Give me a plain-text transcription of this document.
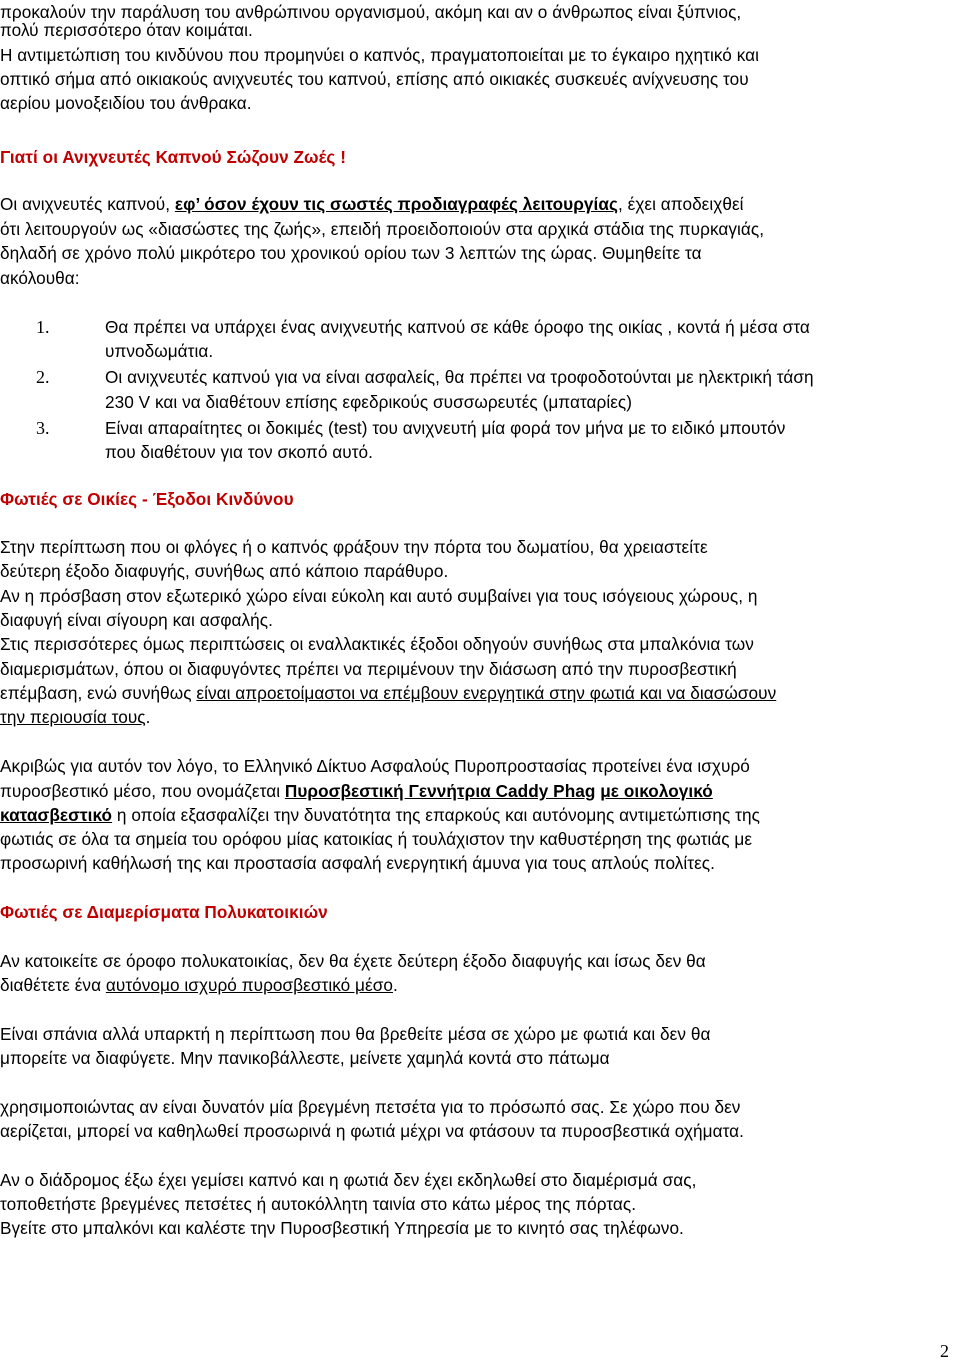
προκαλούν την παράλυση του ανθρώπινου οργανισμού, ακόμη και αν ο άνθρωπος είναι ξύπνιος,
πολύ περισσότερο όταν κοιμάται.
Η αντιμετώπιση του κινδύνου που προμηνύει ο καπνός, πραγματοποιείται με το έγκαιρο ηχητικό και
οπτικό σήμα από οικιακούς ανιχνευτές του καπνού, επίσης από οικιακές συσκευές ανίχνευσης του
αερίου μονοξειδίου του άνθρακα.
Γιατί οι Ανιχνευτές Καπνού Σώζουν Ζωές !
Οι ανιχνευτές καπνού, εφ’ όσον έχουν τις σωστές προδιαγραφές λειτουργίας, έχει αποδειχθεί
ότι λειτουργούν ως «διασώστες της ζωής», επειδή προειδοποιούν στα αρχικά στάδια της πυρκαγιάς,
δηλαδή σε χρόνο πολύ μικρότερο του χρονικού ορίου των 3 λεπτών της ώρας. Θυμηθείτε τα
ακόλουθα:
1.	Θα πρέπει να υπάρχει ένας ανιχνευτής καπνού σε κάθε όροφο της οικίας , κοντά ή μέσα στα
υπνοδωμάτια.
2.	Οι ανιχνευτές καπνού για να είναι ασφαλείς, θα πρέπει να τροφοδοτούνται με ηλεκτρική τάση
230 V και να διαθέτουν επίσης εφεδρικούς συσσωρευτές (μπαταρίες)
3.	Είναι απαραίτητες οι δοκιμές (test) του ανιχνευτή μία φορά τον μήνα με το ειδικό μπουτόν
που διαθέτουν για τον σκοπό αυτό.
Φωτιές σε Οικίες - Έξοδοι Κινδύνου
Στην περίπτωση που οι φλόγες ή ο καπνός φράξουν την πόρτα του δωματίου, θα χρειαστείτε
δεύτερη έξοδο διαφυγής, συνήθως από κάποιο παράθυρο.
Αν η πρόσβαση στον εξωτερικό χώρο είναι εύκολη και αυτό συμβαίνει για τους ισόγειους χώρους, η
διαφυγή είναι σίγουρη και ασφαλής.
Στις περισσότερες όμως περιπτώσεις οι εναλλακτικές έξοδοι οδηγούν συνήθως στα μπαλκόνια των
διαμερισμάτων, όπου οι διαφυγόντες πρέπει να περιμένουν την διάσωση από την πυροσβεστική
επέμβαση, ενώ συνήθως είναι απροετοίμαστοι να επέμβουν ενεργητικά στην φωτιά και να διασώσουν
την περιουσία τους.
Ακριβώς για αυτόν τον λόγο, το Ελληνικό Δίκτυο Ασφαλούς Πυροπροστασίας προτείνει ένα ισχυρό
πυροσβεστικό μέσο, που ονομάζεται Πυροσβεστική Γεννήτρια Caddy Phag με οικολογικό
κατασβεστικό η οποία εξασφαλίζει την δυνατότητα της επαρκούς και αυτόνομης αντιμετώπισης της
φωτιάς σε όλα τα σημεία του ορόφου μίας κατοικίας ή τουλάχιστον την καθυστέρηση της φωτιάς με
προσωρινή καθήλωσή της και προστασία ασφαλή ενεργητική άμυνα για τους απλούς πολίτες.
Φωτιές σε Διαμερίσματα Πολυκατοικιών
Αν κατοικείτε σε όροφο πολυκατοικίας, δεν θα έχετε δεύτερη έξοδο διαφυγής και ίσως δεν θα
διαθέτετε ένα αυτόνομο ισχυρό πυροσβεστικό μέσο.
Είναι σπάνια αλλά υπαρκτή η περίπτωση που θα βρεθείτε μέσα σε χώρο με φωτιά και δεν θα
μπορείτε να διαφύγετε. Μην πανικοβάλλεστε, μείνετε χαμηλά κοντά στο πάτωμα
χρησιμοποιώντας αν είναι δυνατόν μία βρεγμένη πετσέτα για το πρόσωπό σας. Σε χώρο που δεν
αερίζεται, μπορεί να καθηλωθεί προσωρινά η φωτιά μέχρι να φτάσουν τα πυροσβεστικά οχήματα.
Αν ο διάδρομος έξω έχει γεμίσει καπνό και η φωτιά δεν έχει εκδηλωθεί στο διαμέρισμά σας,
τοποθετήστε βρεγμένες πετσέτες ή αυτοκόλλητη ταινία στο κάτω μέρος της πόρτας.
Βγείτε στο μπαλκόνι και καλέστε την Πυροσβεστική Υπηρεσία με το κινητό σας τηλέφωνο.
2
